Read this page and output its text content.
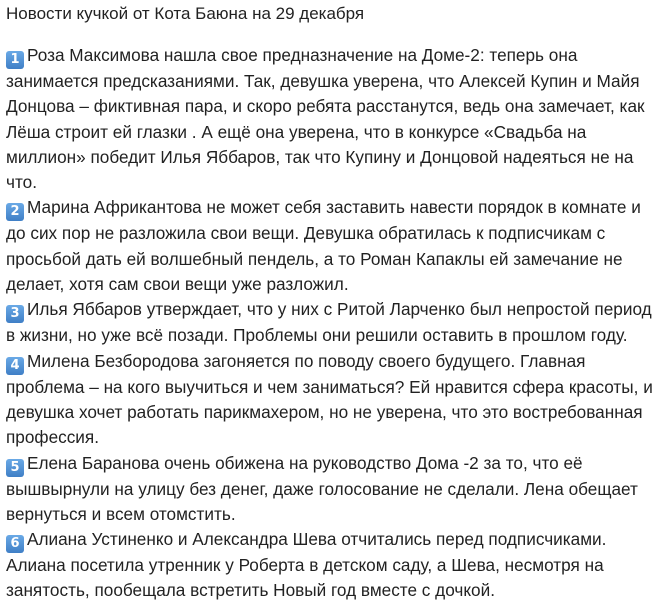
Новости кучкой от Кота Баюна на 29 декабря

1 Роза Максимова нашла свое предназначение на Доме-2: теперь она занимается предсказаниями. Так, девушка уверена, что Алексей Купин и Майя Донцова – фиктивная пара, и скоро ребята расстанутся, ведь она замечает, как Лёша строит ей глазки . А ещё она уверена, что в конкурсе «Свадьба на миллион» победит Илья Яббаров, так что Купину и Донцовой надеяться не на что.

2 Марина Африкантова не может себя заставить навести порядок в комнате и до сих пор не разложила свои вещи. Девушка обратилась к подписчикам с просьбой дать ей волшебный пендель, а то Роман Капаклы ей замечание не делает, хотя сам свои вещи уже разложил.

3 Илья Яббаров утверждает, что у них с Ритой Ларченко был непростой период в жизни, но уже всё позади. Проблемы они решили оставить в прошлом году.

4 Милена Безбородова загоняется по поводу своего будущего. Главная проблема – на кого выучиться и чем заниматься? Ей нравится сфера красоты, и девушка хочет работать парикмахером, но не уверена, что это востребованная профессия.

5 Елена Баранова очень обижена на руководство Дома -2 за то, что её вышвырнули на улицу без денег, даже голосование не сделали. Лена обещает вернуться и всем отомстить.

6 Алиана Устиненко и Александра Шева отчитались перед подписчиками. Алиана посетила утренник у Роберта в детском саду, а Шева, несмотря на занятость, пообещала встретить Новый год вместе с дочкой.
